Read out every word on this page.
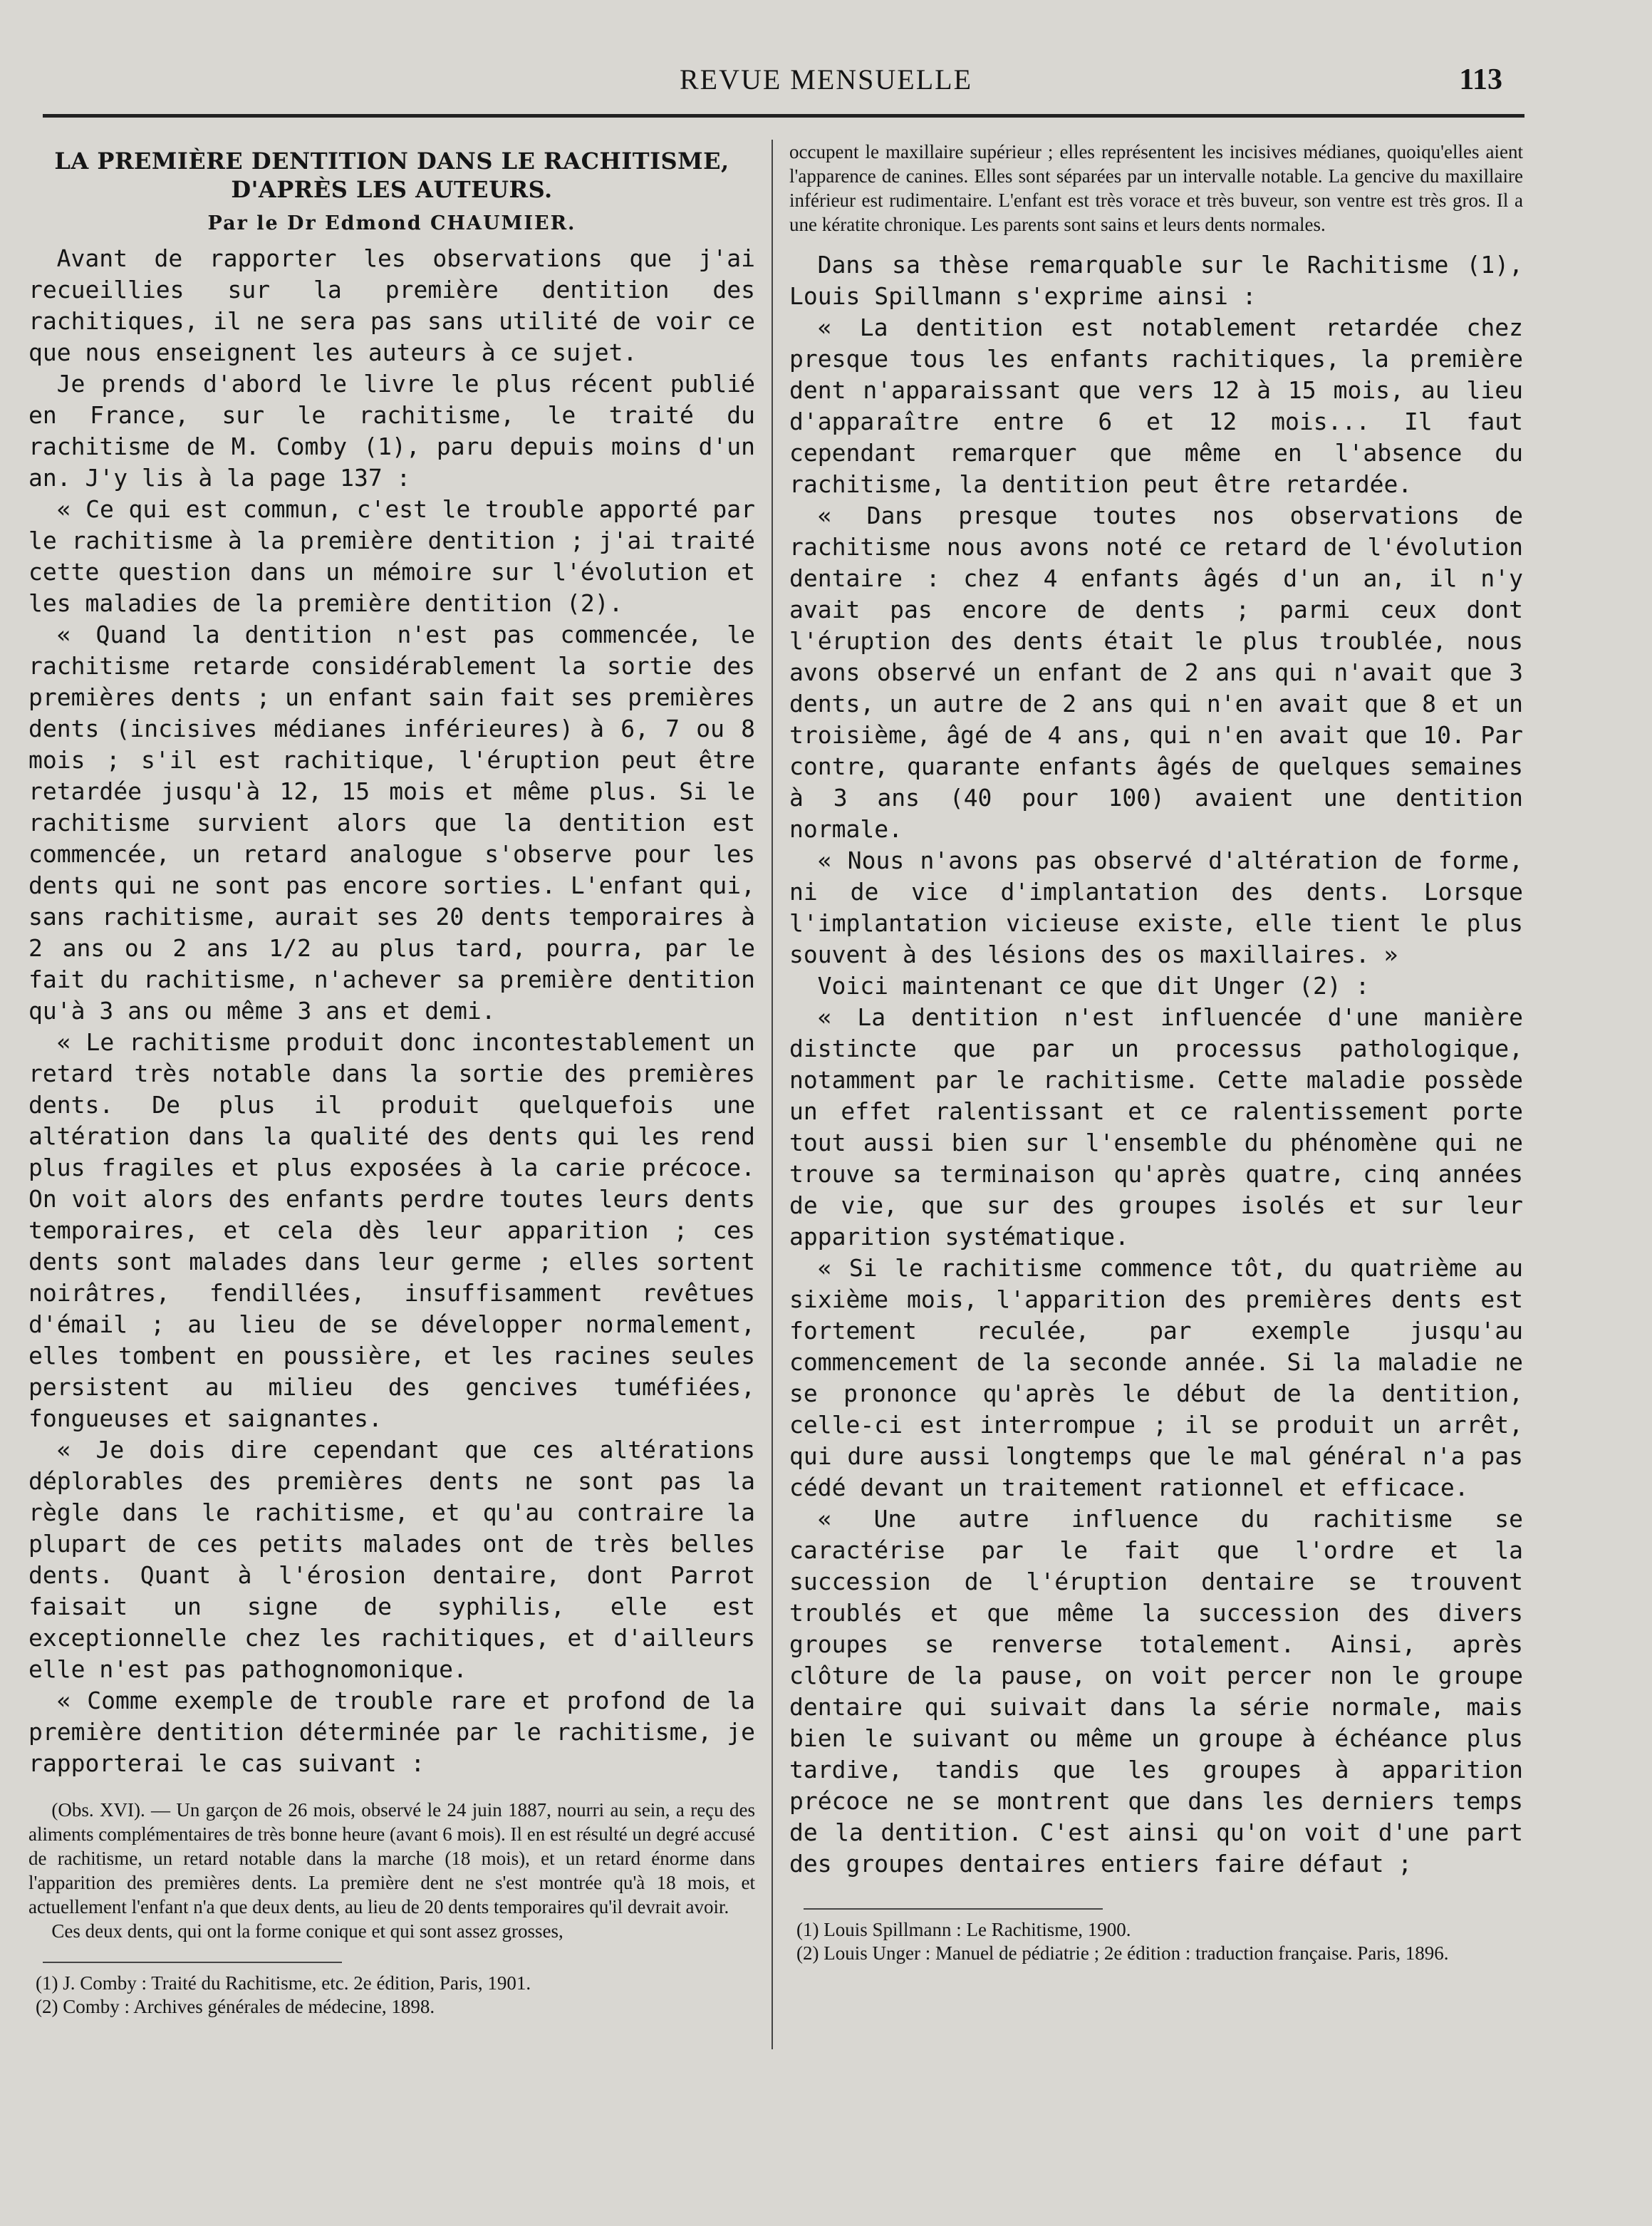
REVUE MENSUELLE	113
LA PREMIÈRE DENTITION DANS LE RACHITISME,
D'APRÈS LES AUTEURS.
Par le Dr Edmond CHAUMIER.

Avant de rapporter les observations que j'ai recueillies sur la première dentition des rachitiques, il ne sera pas sans utilité de voir ce que nous enseignent les auteurs à ce sujet.

Je prends d'abord le livre le plus récent publié en France, sur le rachitisme, le traité du rachitisme de M. Comby (1), paru depuis moins d'un an. J'y lis à la page 137 :

« Ce qui est commun, c'est le trouble apporté par le rachitisme à la première dentition ; j'ai traité cette question dans un mémoire sur l'évolution et les maladies de la première dentition (2).

« Quand la dentition n'est pas commencée, le rachitisme retarde considérablement la sortie des premières dents ; un enfant sain fait ses premières dents (incisives médianes inférieures) à 6, 7 ou 8 mois ; s'il est rachitique, l'éruption peut être retardée jusqu'à 12, 15 mois et même plus. Si le rachitisme survient alors que la dentition est commencée, un retard analogue s'observe pour les dents qui ne sont pas encore sorties. L'enfant qui, sans rachitisme, aurait ses 20 dents temporaires à 2 ans ou 2 ans 1/2 au plus tard, pourra, par le fait du rachitisme, n'achever sa première dentition qu'à 3 ans ou même 3 ans et demi.

« Le rachitisme produit donc incontestablement un retard très notable dans la sortie des premières dents. De plus il produit quelquefois une altération dans la qualité des dents qui les rend plus fragiles et plus exposées à la carie précoce. On voit alors des enfants perdre toutes leurs dents temporaires, et cela dès leur apparition ; ces dents sont malades dans leur germe ; elles sortent noirâtres, fendillées, insuffisamment revêtues d'émail ; au lieu de se développer normalement, elles tombent en poussière, et les racines seules persistent au milieu des gencives tuméfiées, fongueuses et saignantes.

« Je dois dire cependant que ces altérations déplorables des premières dents ne sont pas la règle dans le rachitisme, et qu'au contraire la plupart de ces petits malades ont de très belles dents. Quant à l'érosion dentaire, dont Parrot faisait un signe de syphilis, elle est exceptionnelle chez les rachitiques, et d'ailleurs elle n'est pas pathognomonique.

« Comme exemple de trouble rare et profond de la première dentition déterminée par le rachitisme, je rapporterai le cas suivant :

(Obs. XVI). — Un garçon de 26 mois, observé le 24 juin 1887, nourri au sein, a reçu des aliments complémentaires de très bonne heure (avant 6 mois). Il en est résulté un degré accusé de rachitisme, un retard notable dans la marche (18 mois), et un retard énorme dans l'apparition des premières dents. La première dent ne s'est montrée qu'à 18 mois, et actuellement l'enfant n'a que deux dents, au lieu de 20 dents temporaires qu'il devrait avoir.

Ces deux dents, qui ont la forme conique et qui sont assez grosses,

(1) J. Comby : Traité du Rachitisme, etc. 2e édition, Paris, 1901.

(2) Comby : Archives générales de médecine, 1898.

occupent le maxillaire supérieur ; elles représentent les incisives médianes, quoiqu'elles aient l'apparence de canines. Elles sont séparées par un intervalle notable. La gencive du maxillaire inférieur est rudimentaire. L'enfant est très vorace et très buveur, son ventre est très gros. Il a une kératite chronique. Les parents sont sains et leurs dents normales.

Dans sa thèse remarquable sur le Rachitisme (1), Louis Spillmann s'exprime ainsi :

« La dentition est notablement retardée chez presque tous les enfants rachitiques, la première dent n'apparaissant que vers 12 à 15 mois, au lieu d'apparaître entre 6 et 12 mois... Il faut cependant remarquer que même en l'absence du rachitisme, la dentition peut être retardée.

« Dans presque toutes nos observations de rachitisme nous avons noté ce retard de l'évolution dentaire : chez 4 enfants âgés d'un an, il n'y avait pas encore de dents ; parmi ceux dont l'éruption des dents était le plus troublée, nous avons observé un enfant de 2 ans qui n'avait que 3 dents, un autre de 2 ans qui n'en avait que 8 et un troisième, âgé de 4 ans, qui n'en avait que 10. Par contre, quarante enfants âgés de quelques semaines à 3 ans (40 pour 100) avaient une dentition normale.

« Nous n'avons pas observé d'altération de forme, ni de vice d'implantation des dents. Lorsque l'implantation vicieuse existe, elle tient le plus souvent à des lésions des os maxillaires. »

Voici maintenant ce que dit Unger (2) :

« La dentition n'est influencée d'une manière distincte que par un processus pathologique, notamment par le rachitisme. Cette maladie possède un effet ralentissant et ce ralentissement porte tout aussi bien sur l'ensemble du phénomène qui ne trouve sa terminaison qu'après quatre, cinq années de vie, que sur des groupes isolés et sur leur apparition systématique.

« Si le rachitisme commence tôt, du quatrième au sixième mois, l'apparition des premières dents est fortement reculée, par exemple jusqu'au commencement de la seconde année. Si la maladie ne se prononce qu'après le début de la dentition, celle-ci est interrompue ; il se produit un arrêt, qui dure aussi longtemps que le mal général n'a pas cédé devant un traitement rationnel et efficace.

« Une autre influence du rachitisme se caractérise par le fait que l'ordre et la succession de l'éruption dentaire se trouvent troublés et que même la succession des divers groupes se renverse totalement. Ainsi, après clôture de la pause, on voit percer non le groupe dentaire qui suivait dans la série normale, mais bien le suivant ou même un groupe à échéance plus tardive, tandis que les groupes à apparition précoce ne se montrent que dans les derniers temps de la dentition. C'est ainsi qu'on voit d'une part des groupes dentaires entiers faire défaut ;

(1) Louis Spillmann : Le Rachitisme, 1900.

(2) Louis Unger : Manuel de pédiatrie ; 2e édition : traduction française. Paris, 1896.
